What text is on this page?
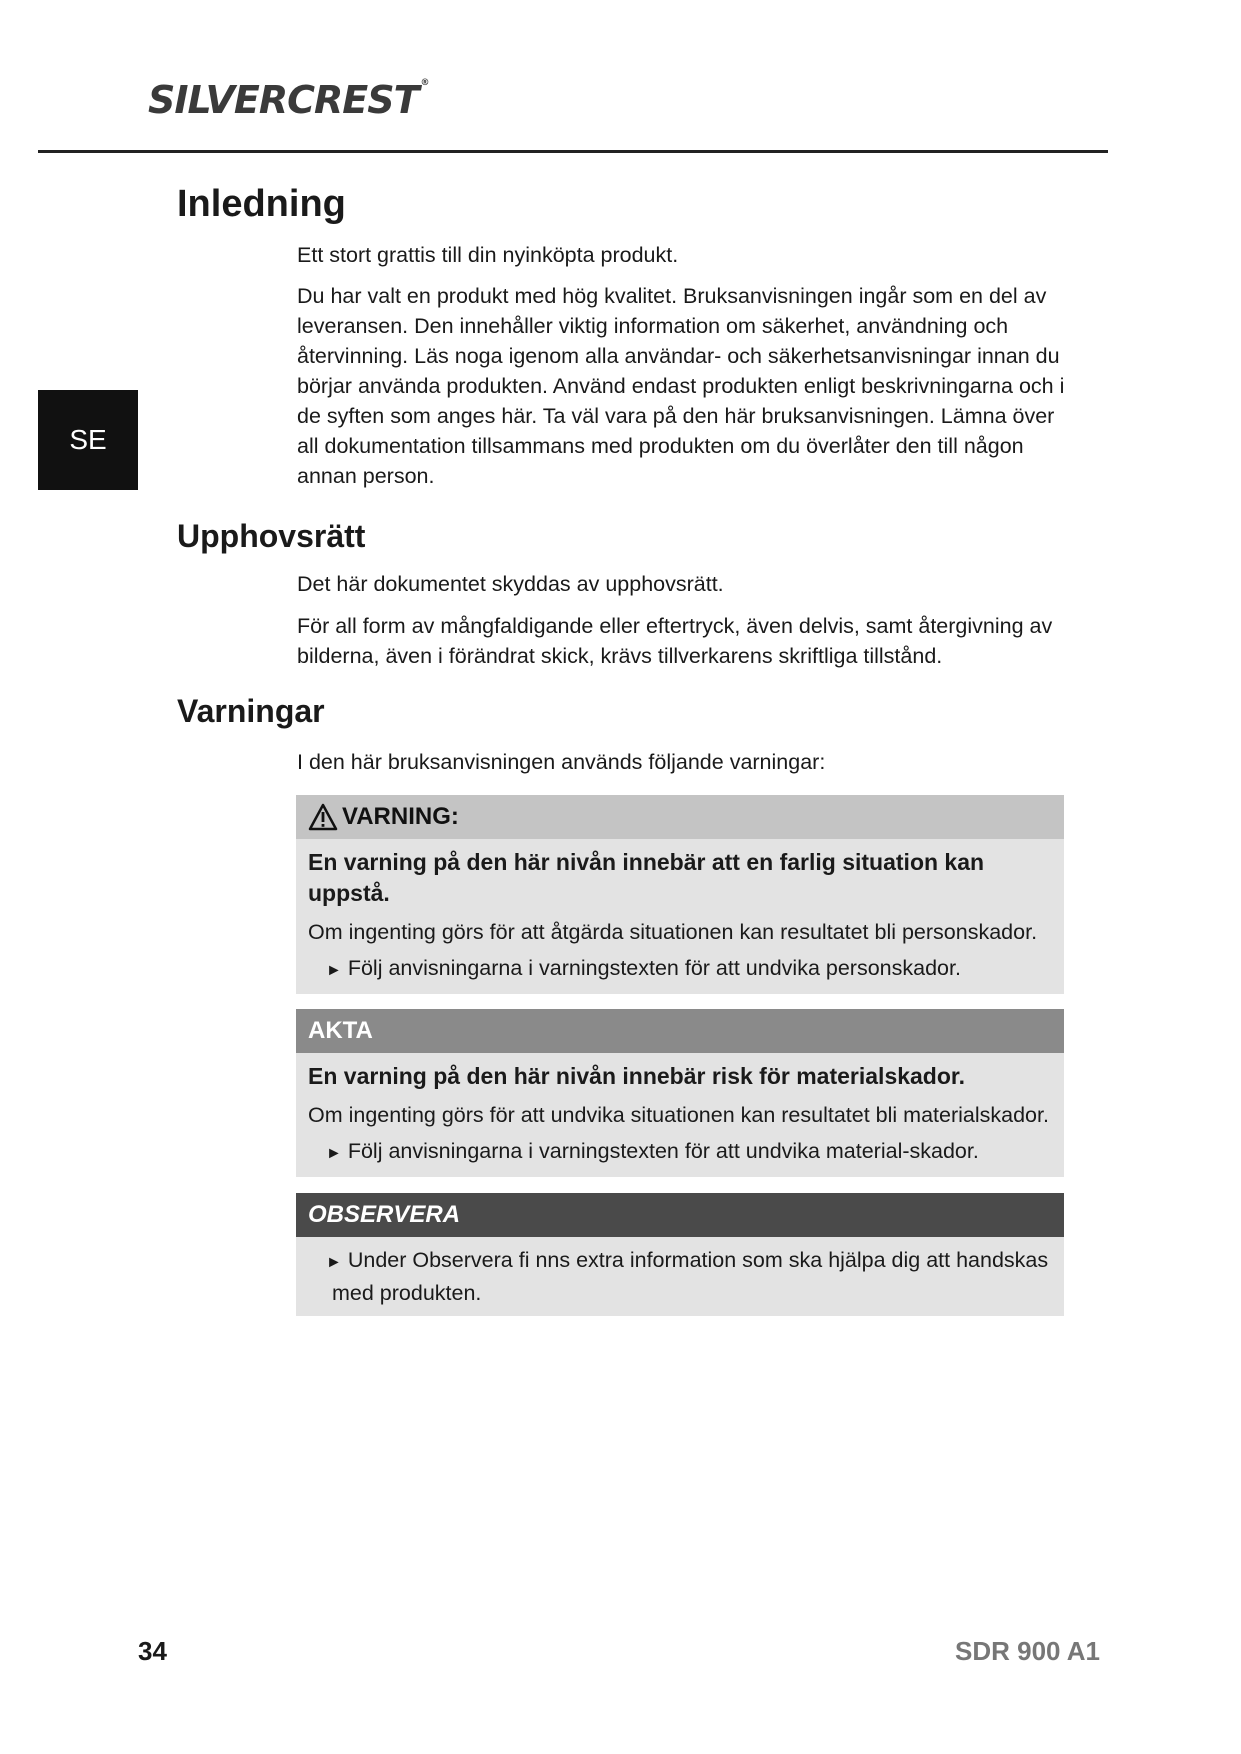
SILVERCREST ®
SE
Inledning

Ett stort grattis till din nyinköpta produkt.

Du har valt en produkt med hög kvalitet. Bruksanvisningen ingår som en del av leveransen. Den innehåller viktig information om säkerhet, användning och återvinning. Läs noga igenom alla användar- och säkerhetsanvisningar innan du börjar använda produkten. Använd endast produkten enligt beskrivningarna och i de syften som anges här. Ta väl vara på den här bruksanvisningen. Lämna över all dokumentation tillsammans med produkten om du överlåter den till någon annan person.

Upphovsrätt

Det här dokumentet skyddas av upphovsrätt.

För all form av mångfaldigande eller eftertryck, även delvis, samt återgivning av bilderna, även i förändrat skick, krävs tillverkarens skriftliga tillstånd.

Varningar

I den här bruksanvisningen används följande varningar:

VARNING:

En varning på den här nivån innebär att en farlig situation kan uppstå.

Om ingenting görs för att åtgärda situationen kan resultatet bli personskador.

► Följ anvisningarna i varningstexten för att undvika personskador.

AKTA

En varning på den här nivån innebär risk för materialskador.

Om ingenting görs för att undvika situationen kan resultatet bli materialskador.

► Följ anvisningarna i varningstexten för att undvika material-skador.

OBSERVERA

► Under Observera fi nns extra information som ska hjälpa dig att handskas med produkten.

34	SDR 900 A1
